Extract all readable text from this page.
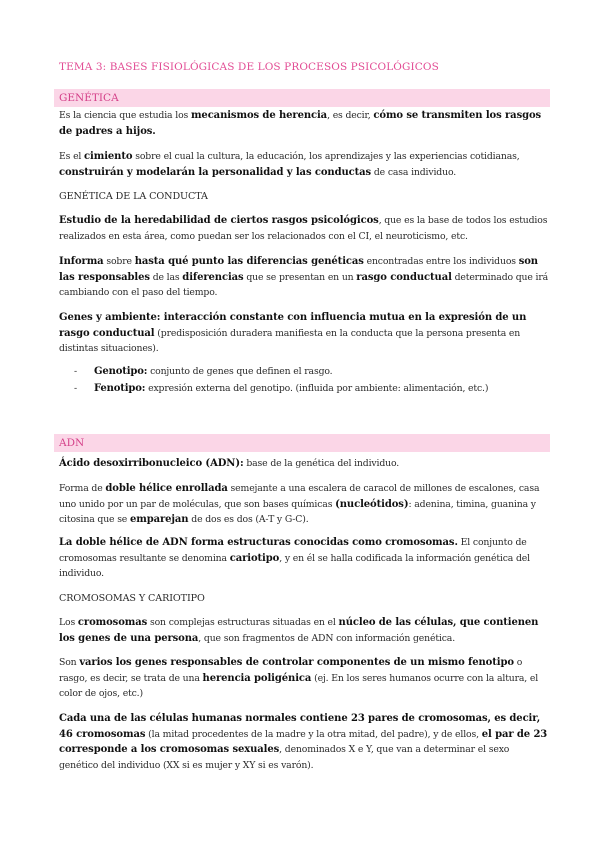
TEMA 3: BASES FISIOLÓGICAS DE LOS PROCESOS PSICOLÓGICOS
GENÉTICA
Es la ciencia que estudia los mecanismos de herencia, es decir, cómo se transmiten los rasgos de padres a hijos.
Es el cimiento sobre el cual la cultura, la educación, los aprendizajes y las experiencias cotidianas, construirán y modelarán la personalidad y las conductas de casa individuo.
GENÉTICA DE LA CONDUCTA
Estudio de la heredabilidad de ciertos rasgos psicológicos, que es la base de todos los estudios realizados en esta área, como puedan ser los relacionados con el CI, el neuroticismo, etc.
Informa sobre hasta qué punto las diferencias genéticas encontradas entre los individuos son las responsables de las diferencias que se presentan en un rasgo conductual determinado que irá cambiando con el paso del tiempo.
Genes y ambiente: interacción constante con influencia mutua en la expresión de un rasgo conductual (predisposición duradera manifiesta en la conducta que la persona presenta en distintas situaciones).
- Genotipo: conjunto de genes que definen el rasgo.
- Fenotipo: expresión externa del genotipo. (influida por ambiente: alimentación, etc.)
ADN
Ácido desoxirribonucleico (ADN): base de la genética del individuo.
Forma de doble hélice enrollada semejante a una escalera de caracol de millones de escalones, casa uno unido por un par de moléculas, que son bases químicas (nucleótidos): adenina, timina, guanina y citosina que se emparejan de dos es dos (A-T y G-C).
La doble hélice de ADN forma estructuras conocidas como cromosomas. El conjunto de cromosomas resultante se denomina cariotipo, y en él se halla codificada la información genética del individuo.
CROMOSOMAS Y CARIOTIPO
Los cromosomas son complejas estructuras situadas en el núcleo de las células, que contienen los genes de una persona, que son fragmentos de ADN con información genética.
Son varios los genes responsables de controlar componentes de un mismo fenotipo o rasgo, es decir, se trata de una herencia poligénica (ej. En los seres humanos ocurre con la altura, el color de ojos, etc.)
Cada una de las células humanas normales contiene 23 pares de cromosomas, es decir, 46 cromosomas (la mitad procedentes de la madre y la otra mitad, del padre), y de ellos, el par de 23 corresponde a los cromosomas sexuales, denominados X e Y, que van a determinar el sexo genético del individuo (XX si es mujer y XY si es varón).
